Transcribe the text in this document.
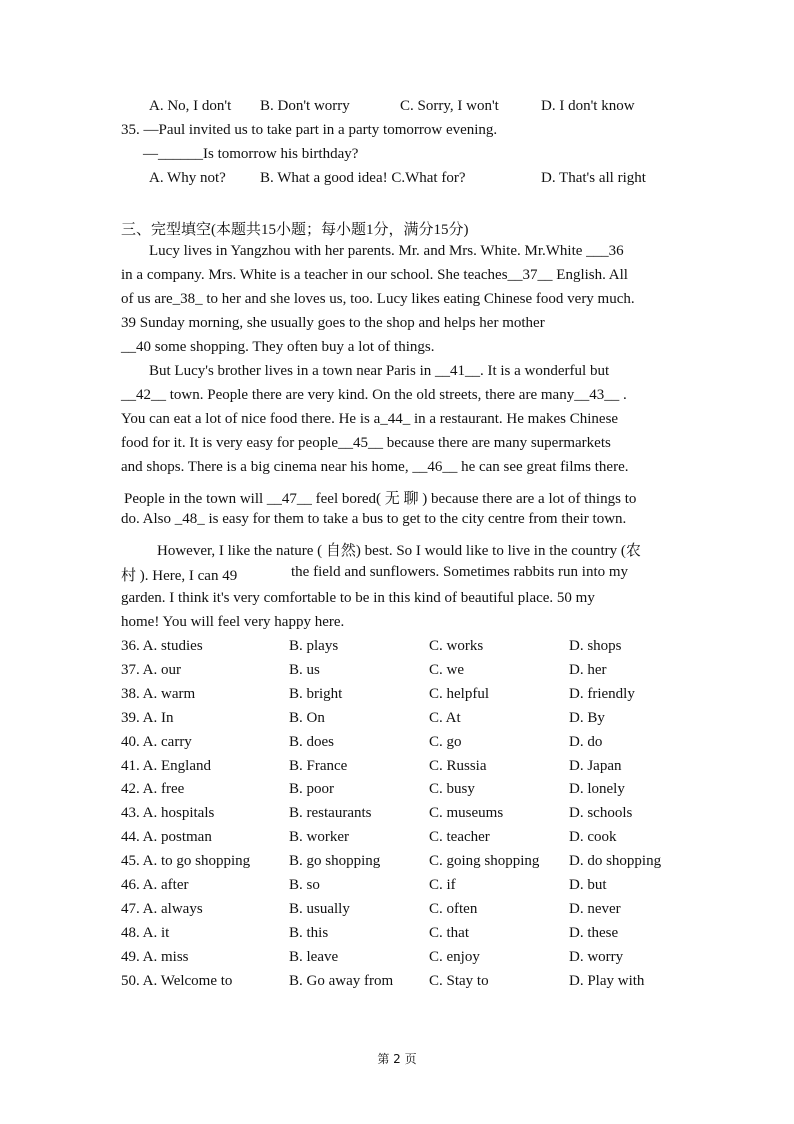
A. No, I don't B. Don't worry	C. Sorry, I won't	D. I don't know
35. —Paul invited us to take part in a party tomorrow evening.
—______Is tomorrow his birthday?
A. Why not? B. What a good idea! C.What for?	D. That's all right
三、完型填空(本题共15小题；每小题1分，满分15分)
Lucy lives in Yangzhou with her parents. Mr. and Mrs. White. Mr.White ___36
in a company. Mrs. White is a teacher in our school. She teaches__37__ English. All
of us are_38_ to her and she loves us, too. Lucy likes eating Chinese food very much.
39 Sunday morning, she usually goes to the shop and helps her mother
__40 some shopping. They often buy a lot of things.
But Lucy's brother lives in a town near Paris in __41__. It is a wonderful but
__42__ town. People there are very kind. On the old streets, there are many__43__ .
You can eat a lot of nice food there. He is a_44_ in a restaurant. He makes Chinese
food for it. It is very easy for people__45__ because there are many supermarkets
and shops. There is a big cinema near his home, __46__ he can see great films there.
People in the town will __47__ feel bored( 无 聊 ) because there are a lot of things to
do. Also _48_ is easy for them to take a bus to get to the city centre from their town.
However, I like the nature ( 自然) best. So I would like to live in the country (农
村 ). Here, I can 49	the field and sunflowers. Sometimes rabbits run into my
garden. I think it's very comfortable to be in this kind of beautiful place. 50 my
home! You will feel very happy here.
36. A. studies	B. plays	C. works	D. shops
37. A. our	B. us	C. we	D. her
38. A. warm	B. bright	C. helpful	D. friendly
39. A. In	B. On	C. At	D. By
40. A. carry	B. does	C. go	D. do
41. A. England	B. France	C. Russia	D. Japan
42. A. free	B. poor	C. busy	D. lonely
43. A. hospitals	B. restaurants	C. museums	D. schools
44. A. postman	B. worker	C. teacher	D. cook
45. A. to go shopping	B. go shopping	C. going shopping D. do shopping
46. A. after	B. so	C. if	D. but
47. A. always	B. usually	C. often	D. never
48. A. it	B. this	C. that	D. these
49. A. miss	B. leave	C. enjoy	D. worry
50. A. Welcome to	B. Go away from C. Stay to	D. Play with
第 2 页
